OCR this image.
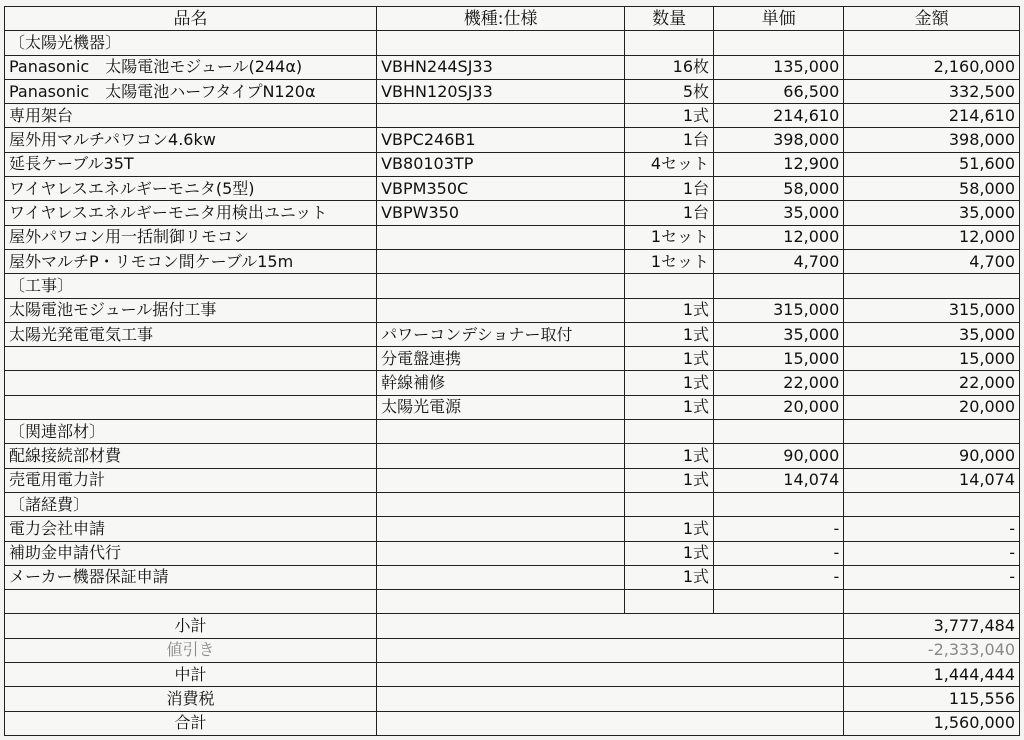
品名	機種:仕様	数量	単価	金額
〔太陽光機器〕				
Panasonic　太陽電池モジュール(244α)	VBHN244SJ33	16枚	135,000	2,160,000
Panasonic　太陽電池ハーフタイプN120α	VBHN120SJ33	5枚	66,500	332,500
専用架台		1式	214,610	214,610
屋外用マルチパワコン4.6kw	VBPC246B1	1台	398,000	398,000
延長ケーブル35T	VB80103TP	4セット	12,900	51,600
ワイヤレスエネルギーモニタ(5型)	VBPM350C	1台	58,000	58,000
ワイヤレスエネルギーモニタ用検出ユニット	VBPW350	1台	35,000	35,000
屋外パワコン用一括制御リモコン		1セット	12,000	12,000
屋外マルチP・リモコン間ケーブル15m		1セット	4,700	4,700
〔工事〕				
太陽電池モジュール据付工事		1式	315,000	315,000
太陽光発電電気工事	パワーコンデショナー取付	1式	35,000	35,000
	分電盤連携	1式	15,000	15,000
	幹線補修	1式	22,000	22,000
	太陽光電源	1式	20,000	20,000
〔関連部材〕				
配線接続部材費		1式	90,000	90,000
売電用電力計		1式	14,074	14,074
〔諸経費〕				
電力会社申請		1式	-	-
補助金申請代行		1式	-	-
メーカー機器保証申請		1式	-	-

小計				3,777,484
値引き				-2,333,040
中計				1,444,444
消費税				115,556
合計				1,560,000
